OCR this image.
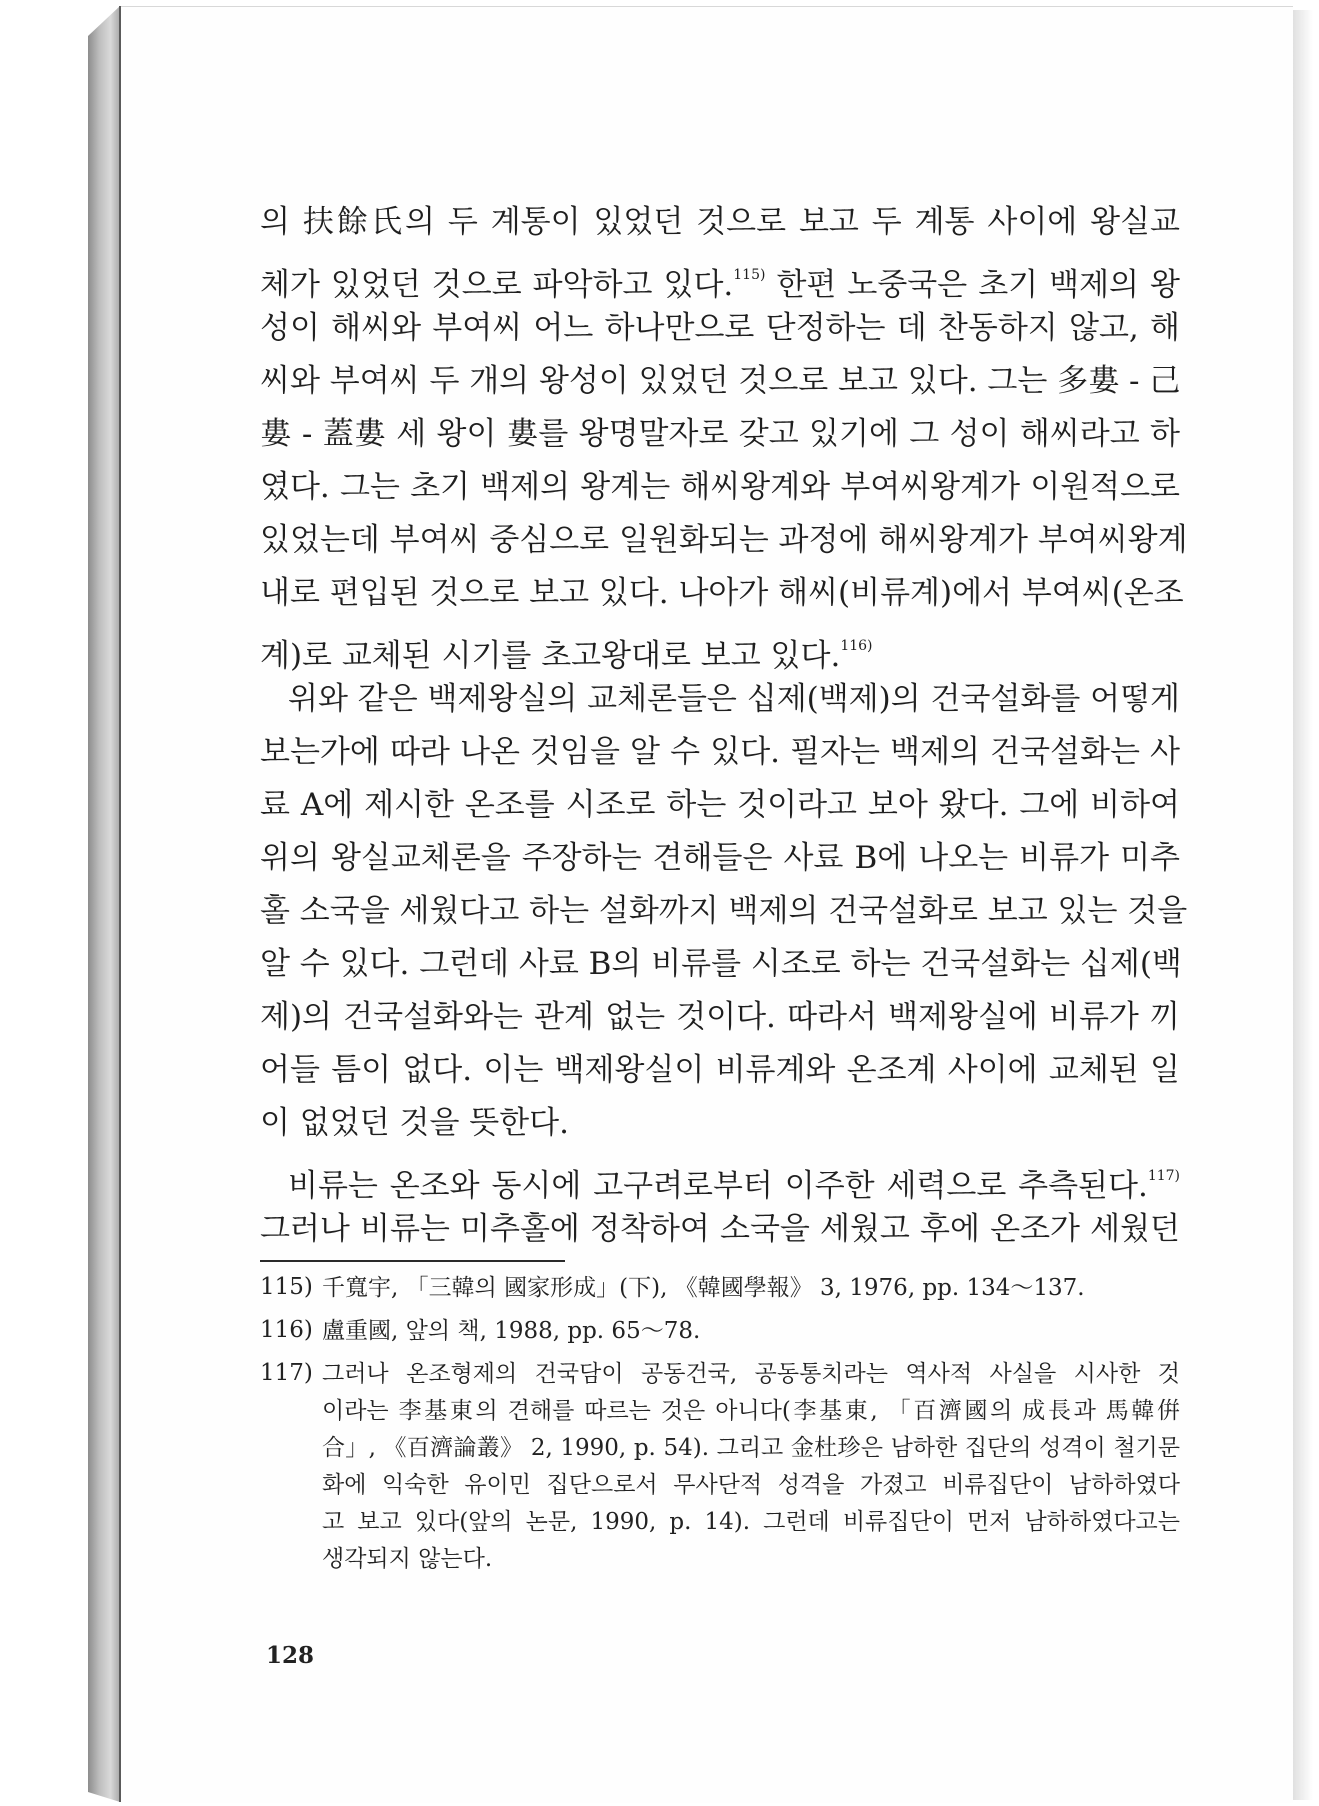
의 扶餘氏의 두 계통이 있었던 것으로 보고 두 계통 사이에 왕실교
체가 있었던 것으로 파악하고 있다.$^{115)}$ 한편 노중국은 초기 백제의 왕
성이 해씨와 부여씨 어느 하나만으로 단정하는 데 찬동하지 않고, 해
씨와 부여씨 두 개의 왕성이 있었던 것으로 보고 있다. 그는 多婁 - 己
婁 - 蓋婁 세 왕이 婁를 왕명말자로 갖고 있기에 그 성이 해씨라고 하
였다. 그는 초기 백제의 왕계는 해씨왕계와 부여씨왕계가 이원적으로
있었는데 부여씨 중심으로 일원화되는 과정에 해씨왕계가 부여씨왕계
내로 편입된 것으로 보고 있다. 나아가 해씨(비류계)에서 부여씨(온조
계)로 교체된 시기를 초고왕대로 보고 있다.$^{116)}$
위와 같은 백제왕실의 교체론들은 십제(백제)의 건국설화를 어떻게
보는가에 따라 나온 것임을 알 수 있다. 필자는 백제의 건국설화는 사
료 A에 제시한 온조를 시조로 하는 것이라고 보아 왔다. 그에 비하여
위의 왕실교체론을 주장하는 견해들은 사료 B에 나오는 비류가 미추
홀 소국을 세웠다고 하는 설화까지 백제의 건국설화로 보고 있는 것을
알 수 있다. 그런데 사료 B의 비류를 시조로 하는 건국설화는 십제(백
제)의 건국설화와는 관계 없는 것이다. 따라서 백제왕실에 비류가 끼
어들 틈이 없다. 이는 백제왕실이 비류계와 온조계 사이에 교체된 일
이 없었던 것을 뜻한다.
비류는 온조와 동시에 고구려로부터 이주한 세력으로 추측된다.$^{117)}$
그러나 비류는 미추홀에 정착하여 소국을 세웠고 후에 온조가 세웠던
115) 千寬宇, 「三韓의 國家形成」(下), 《韓國學報》 3, 1976, pp. 134～137.
116) 盧重國, 앞의 책, 1988, pp. 65～78.
117) 그러나 온조형제의 건국담이 공동건국, 공동통치라는 역사적 사실을 시사한 것
이라는 李基東의 견해를 따르는 것은 아니다(李基東, 「百濟國의 成長과 馬韓倂
合」, 《百濟論叢》 2, 1990, p. 54). 그리고 金杜珍은 남하한 집단의 성격이 철기문
화에 익숙한 유이민 집단으로서 무사단적 성격을 가졌고 비류집단이 남하하였다
고 보고 있다(앞의 논문, 1990, p. 14). 그런데 비류집단이 먼저 남하하였다고는
생각되지 않는다.
128
